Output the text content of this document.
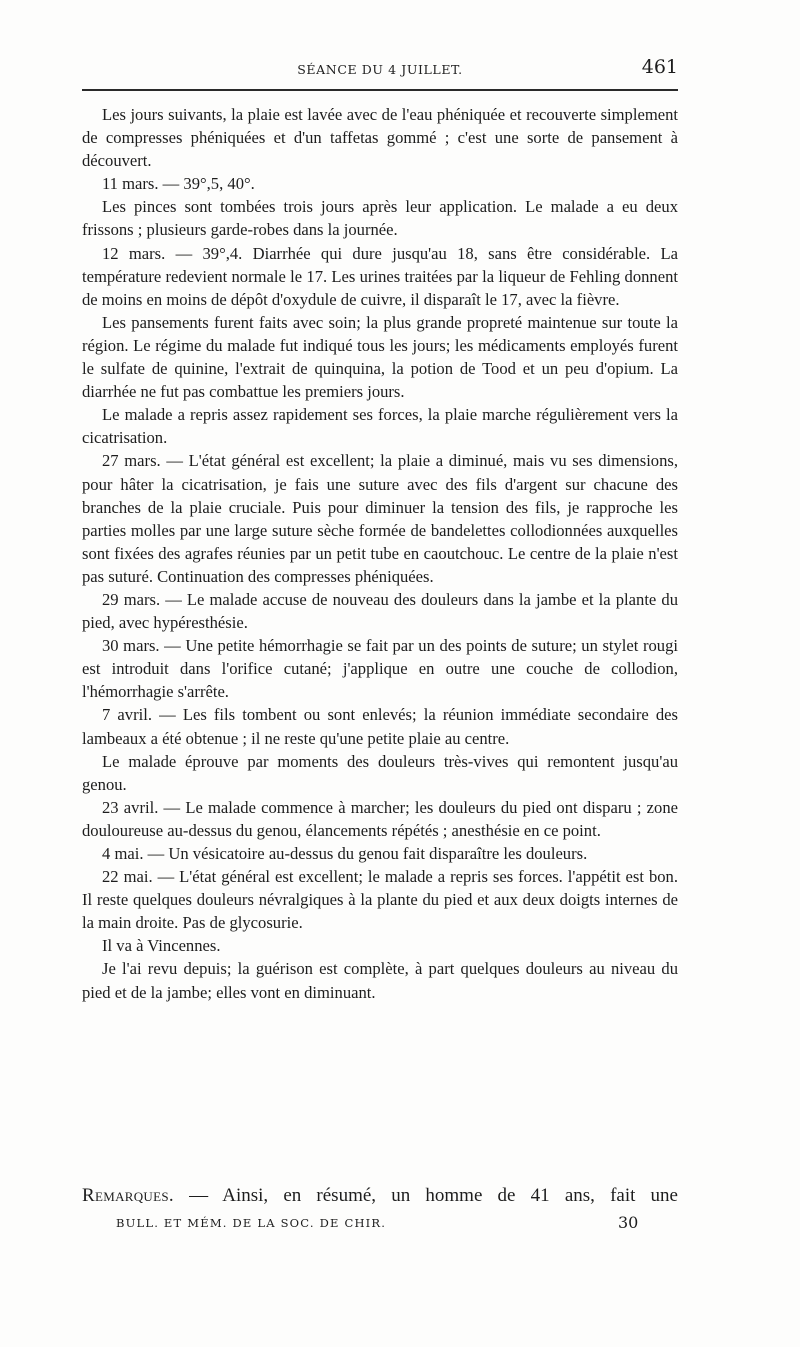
SÉANCE DU 4 JUILLET.	461

Les jours suivants, la plaie est lavée avec de l'eau phéniquée et recouverte simplement de compresses phéniquées et d'un taffetas gommé ; c'est une sorte de pansement à découvert.

11 mars. — 39°,5, 40°.

Les pinces sont tombées trois jours après leur application. Le malade a eu deux frissons ; plusieurs garde-robes dans la journée.

12 mars. — 39°,4. Diarrhée qui dure jusqu'au 18, sans être considérable. La température redevient normale le 17. Les urines traitées par la liqueur de Fehling donnent de moins en moins de dépôt d'oxydule de cuivre, il disparaît le 17, avec la fièvre.

Les pansements furent faits avec soin; la plus grande propreté maintenue sur toute la région. Le régime du malade fut indiqué tous les jours; les médicaments employés furent le sulfate de quinine, l'extrait de quinquina, la potion de Tood et un peu d'opium. La diarrhée ne fut pas combattue les premiers jours.

Le malade a repris assez rapidement ses forces, la plaie marche régulièrement vers la cicatrisation.

27 mars. — L'état général est excellent; la plaie a diminué, mais vu ses dimensions, pour hâter la cicatrisation, je fais une suture avec des fils d'argent sur chacune des branches de la plaie cruciale. Puis pour diminuer la tension des fils, je rapproche les parties molles par une large suture sèche formée de bandelettes collodionnées auxquelles sont fixées des agrafes réunies par un petit tube en caoutchouc. Le centre de la plaie n'est pas suturé. Continuation des compresses phéniquées.

29 mars. — Le malade accuse de nouveau des douleurs dans la jambe et la plante du pied, avec hypéresthésie.

30 mars. — Une petite hémorrhagie se fait par un des points de suture; un stylet rougi est introduit dans l'orifice cutané; j'applique en outre une couche de collodion, l'hémorrhagie s'arrête.

7 avril. — Les fils tombent ou sont enlevés; la réunion immédiate secondaire des lambeaux a été obtenue ; il ne reste qu'une petite plaie au centre.

Le malade éprouve par moments des douleurs très-vives qui remontent jusqu'au genou.

23 avril. — Le malade commence à marcher; les douleurs du pied ont disparu ; zone douloureuse au-dessus du genou, élancements répétés ; anesthésie en ce point.

4 mai. — Un vésicatoire au-dessus du genou fait disparaître les douleurs.

22 mai. — L'état général est excellent; le malade a repris ses forces. l'appétit est bon. Il reste quelques douleurs névralgiques à la plante du pied et aux deux doigts internes de la main droite. Pas de glycosurie.

Il va à Vincennes.

Je l'ai revu depuis; la guérison est complète, à part quelques douleurs au niveau du pied et de la jambe; elles vont en diminuant.

Remarques. — Ainsi, en résumé, un homme de 41 ans, fait une
BULL. ET MÉM. DE LA SOC. DE CHIR.	30
